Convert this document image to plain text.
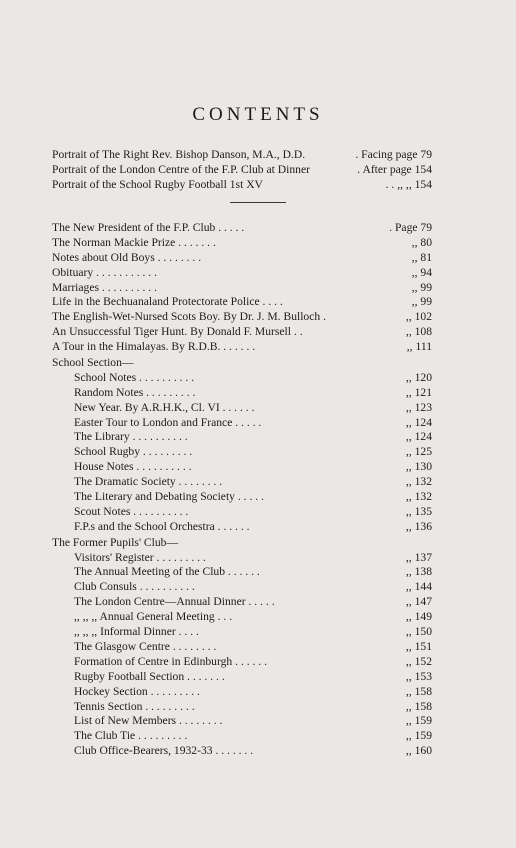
CONTENTS
Portrait of The Right Rev. Bishop Danson, M.A., D.D.	. Facing page 79
Portrait of the London Centre of the F.P. Club at Dinner	. After page 154
Portrait of the School Rugby Football 1st XV	. . ,, ,, 154
The New President of the F.P. Club . . . . .	. Page 79
The Norman Mackie Prize . . . . . . .	,, 80
Notes about Old Boys . . . . . . . .	,, 81
Obituary . . . . . . . . . . .	,, 94
Marriages . . . . . . . . . .	,, 99
Life in the Bechuanaland Protectorate Police . . . .	,, 99
The English-Wet-Nursed Scots Boy. By Dr. J. M. Bulloch .	,, 102
An Unsuccessful Tiger Hunt. By Donald F. Mursell . .	,, 108
A Tour in the Himalayas. By R.D.B. . . . . . .	,, 111
School Section—
School Notes . . . . . . . . . .	,, 120
Random Notes . . . . . . . . .	,, 121
New Year. By A.R.H.K., Cl. VI . . . . . .	,, 123
Easter Tour to London and France . . . . .	,, 124
The Library . . . . . . . . . .	,, 124
School Rugby . . . . . . . . .	,, 125
House Notes . . . . . . . . . .	,, 130
The Dramatic Society . . . . . . . .	,, 132
The Literary and Debating Society . . . . .	,, 132
Scout Notes . . . . . . . . . .	,, 135
F.P.s and the School Orchestra . . . . . .	,, 136
The Former Pupils' Club—
Visitors' Register . . . . . . . . .	,, 137
The Annual Meeting of the Club . . . . . .	,, 138
Club Consuls . . . . . . . . . .	,, 144
The London Centre—Annual Dinner . . . . .	,, 147
,, ,, ,, Annual General Meeting . . .	,, 149
,, ,, ,, Informal Dinner . . . .	,, 150
The Glasgow Centre . . . . . . . .	,, 151
Formation of Centre in Edinburgh . . . . . .	,, 152
Rugby Football Section . . . . . . .	,, 153
Hockey Section . . . . . . . . .	,, 158
Tennis Section . . . . . . . . .	,, 158
List of New Members . . . . . . . .	,, 159
The Club Tie . . . . . . . . .	,, 159
Club Office-Bearers, 1932-33 . . . . . . .	,, 160
